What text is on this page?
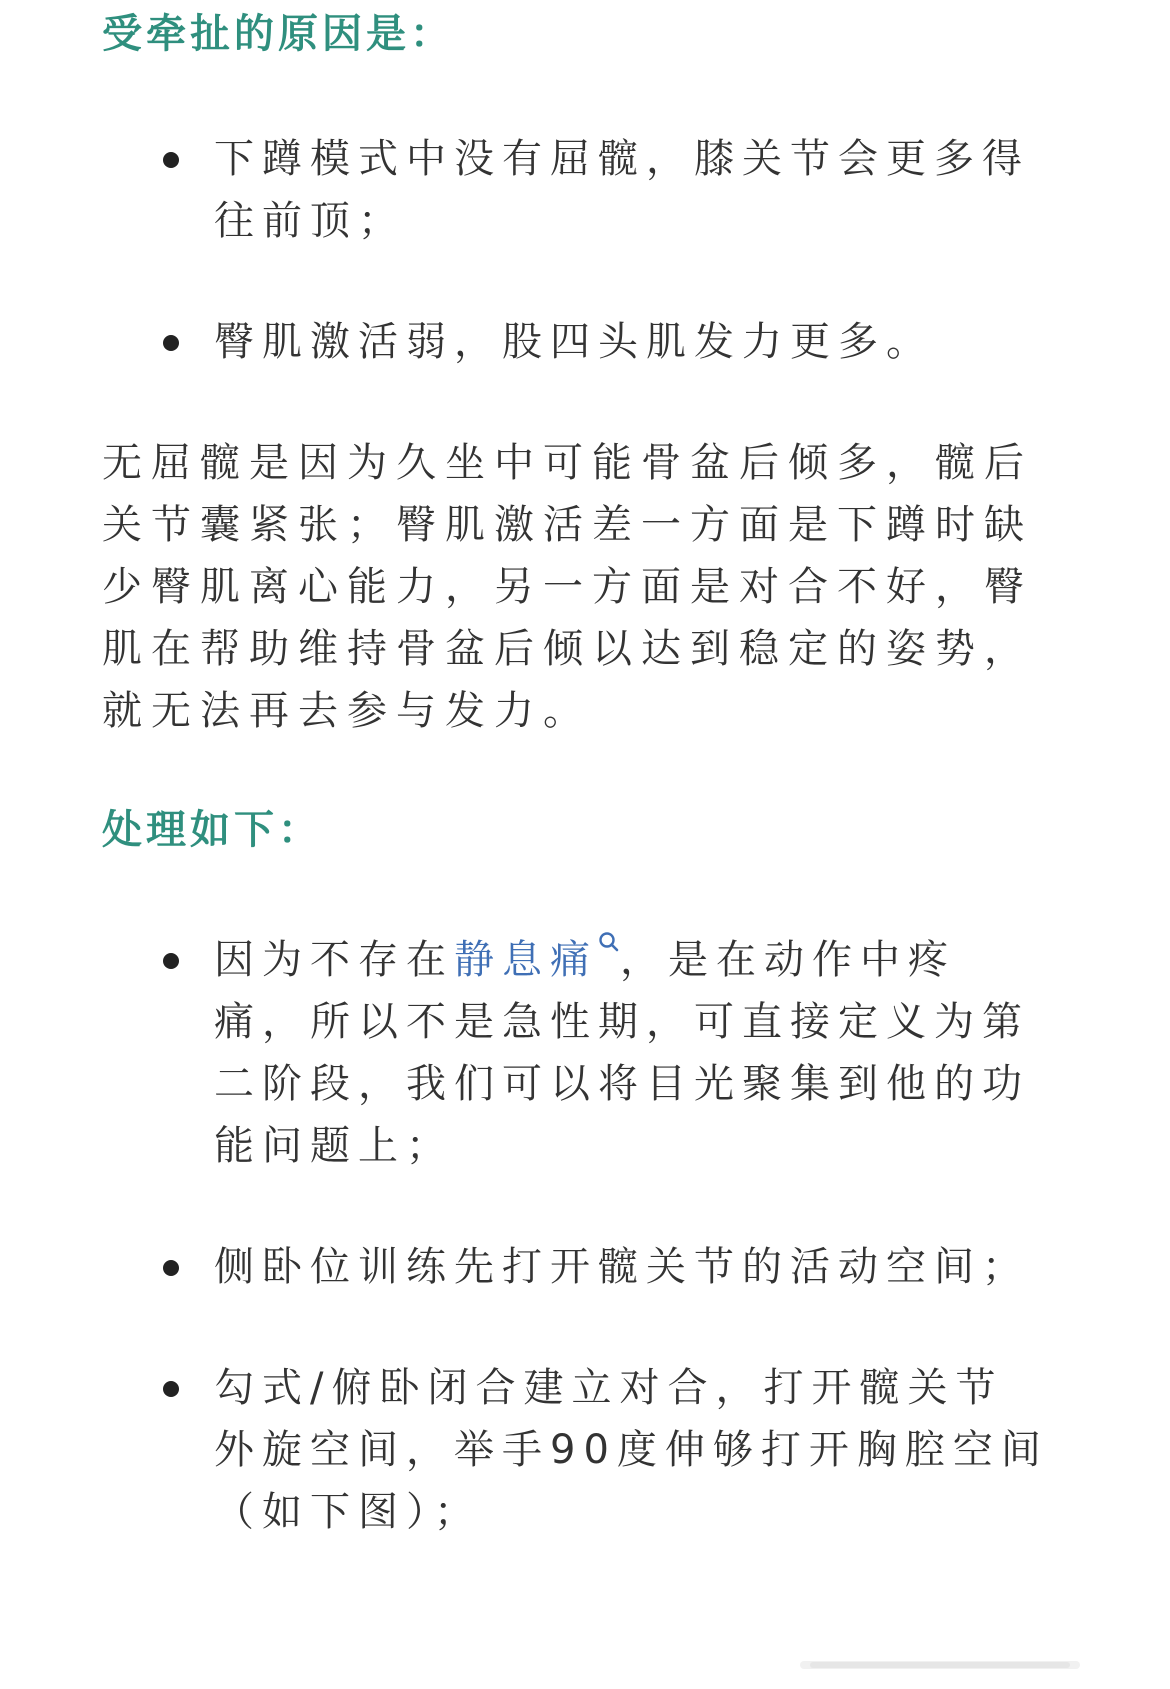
受牵扯的原因是：
下蹲模式中没有屈髋，膝关节会更多得
往前顶；
臀肌激活弱，股四头肌发力更多。
无屈髋是因为久坐中可能骨盆后倾多，髋后
关节囊紧张；臀肌激活差一方面是下蹲时缺
少臀肌离心能力，另一方面是对合不好，臀
肌在帮助维持骨盆后倾以达到稳定的姿势，
就无法再去参与发力。
处理如下：
因为不存在静息痛 ，是在动作中疼
痛，所以不是急性期，可直接定义为第
二阶段，我们可以将目光聚集到他的功
能问题上；
侧卧位训练先打开髋关节的活动空间；
勾式/俯卧闭合建立对合，打开髋关节
外旋空间，举手90度伸够打开胸腔空间
（如下图）；
